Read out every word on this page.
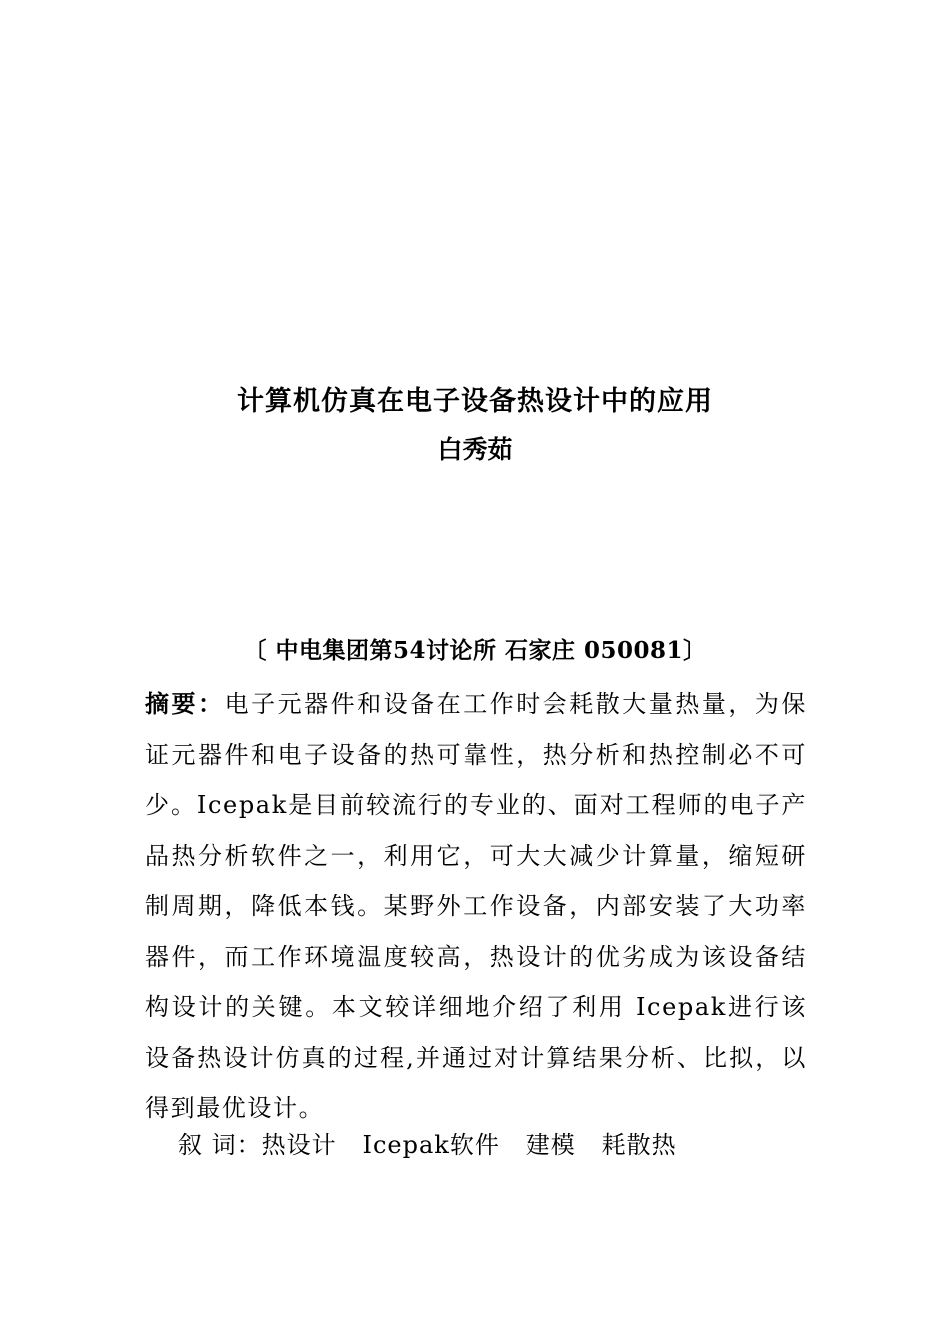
计算机仿真在电子设备热设计中的应用
白秀茹
〔 中电集团第54讨论所 石家庄 050081〕

摘要：电子元器件和设备在工作时会耗散大量热量，为保证元器件和电子设备的热可靠性，热分析和热控制必不可少。Icepak是目前较流行的专业的、面对工程师的电子产品热分析软件之一，利用它，可大大减少计算量，缩短研制周期，降低本钱。某野外工作设备，内部安装了大功率器件，而工作环境温度较高，热设计的优劣成为该设备结构设计的关键。本文较详细地介绍了利用 Icepak进行该设备热设计仿真的过程,并通过对计算结果分析、比拟，以得到最优设计。

叙 词：热设计   Icepak软件   建模   耗散热
